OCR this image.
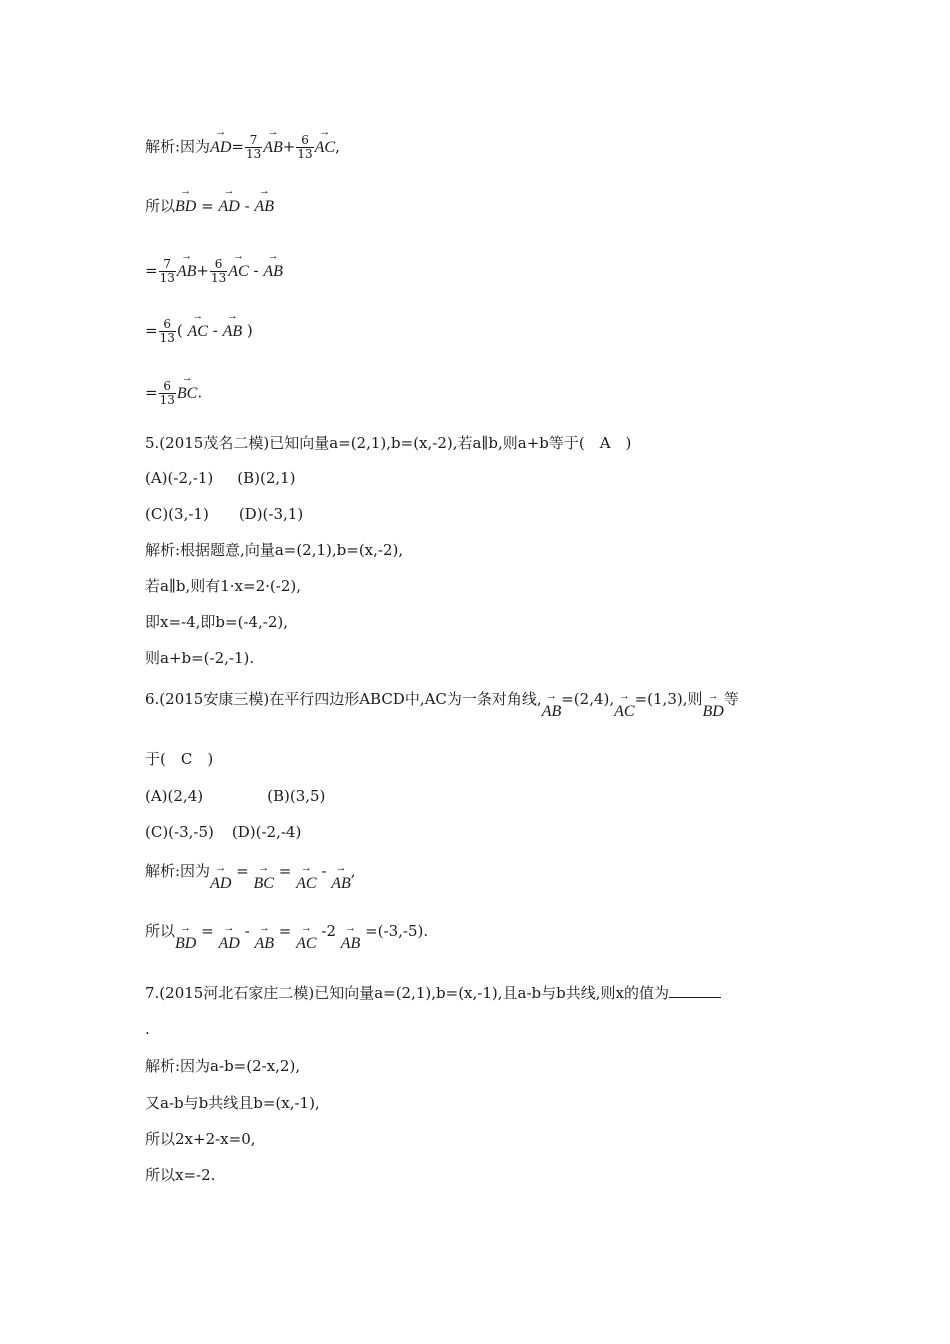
解析:因为→ $AD= \frac{7}{13}$
→ $AB+ \frac{6}{13}$
→ AC,
所以→ BD = → AD - → AB
= $\frac{7}{13}$
→ $AB+ \frac{6}{13}$
→ AC - → AB
= $\frac{6}{13}$ ( → AC - → AB )
= $\frac{6}{13}$
→ BC.
5.(2015茂名二模)已知向量a=(2,1),b=(x,-2),若a∥b,则a+b等于(　A　)
(A)(-2,-1) (B)(2,1)
(C)(3,-1) (D)(-3,1)
解析:根据题意,向量a=(2,1),b=(x,-2),
若a∥b,则有1·x=2·(-2),
即x=-4,即b=(-4,-2),
则a+b=(-2,-1).
6.(2015安康三模)在平行四边形ABCD中,AC为一条对角线,→ AB=(2,4),→ AC=(1,3),则→ BD等
于(　C　)
(A)(2,4)	(B)(3,5)
(C)(-3,-5) (D)(-2,-4)
解析:因为→ AD = → BC = → AC - → AB,
所以→ BD = → AD - → AB = → AC -2 → AB =(-3,-5).
7.(2015河北石家庄二模)已知向量a=(2,1),b=(x,-1),且a-b与b共线,则x的值为
.
解析:因为a-b=(2-x,2),
又a-b与b共线且b=(x,-1),
所以2x+2-x=0,
所以x=-2.
